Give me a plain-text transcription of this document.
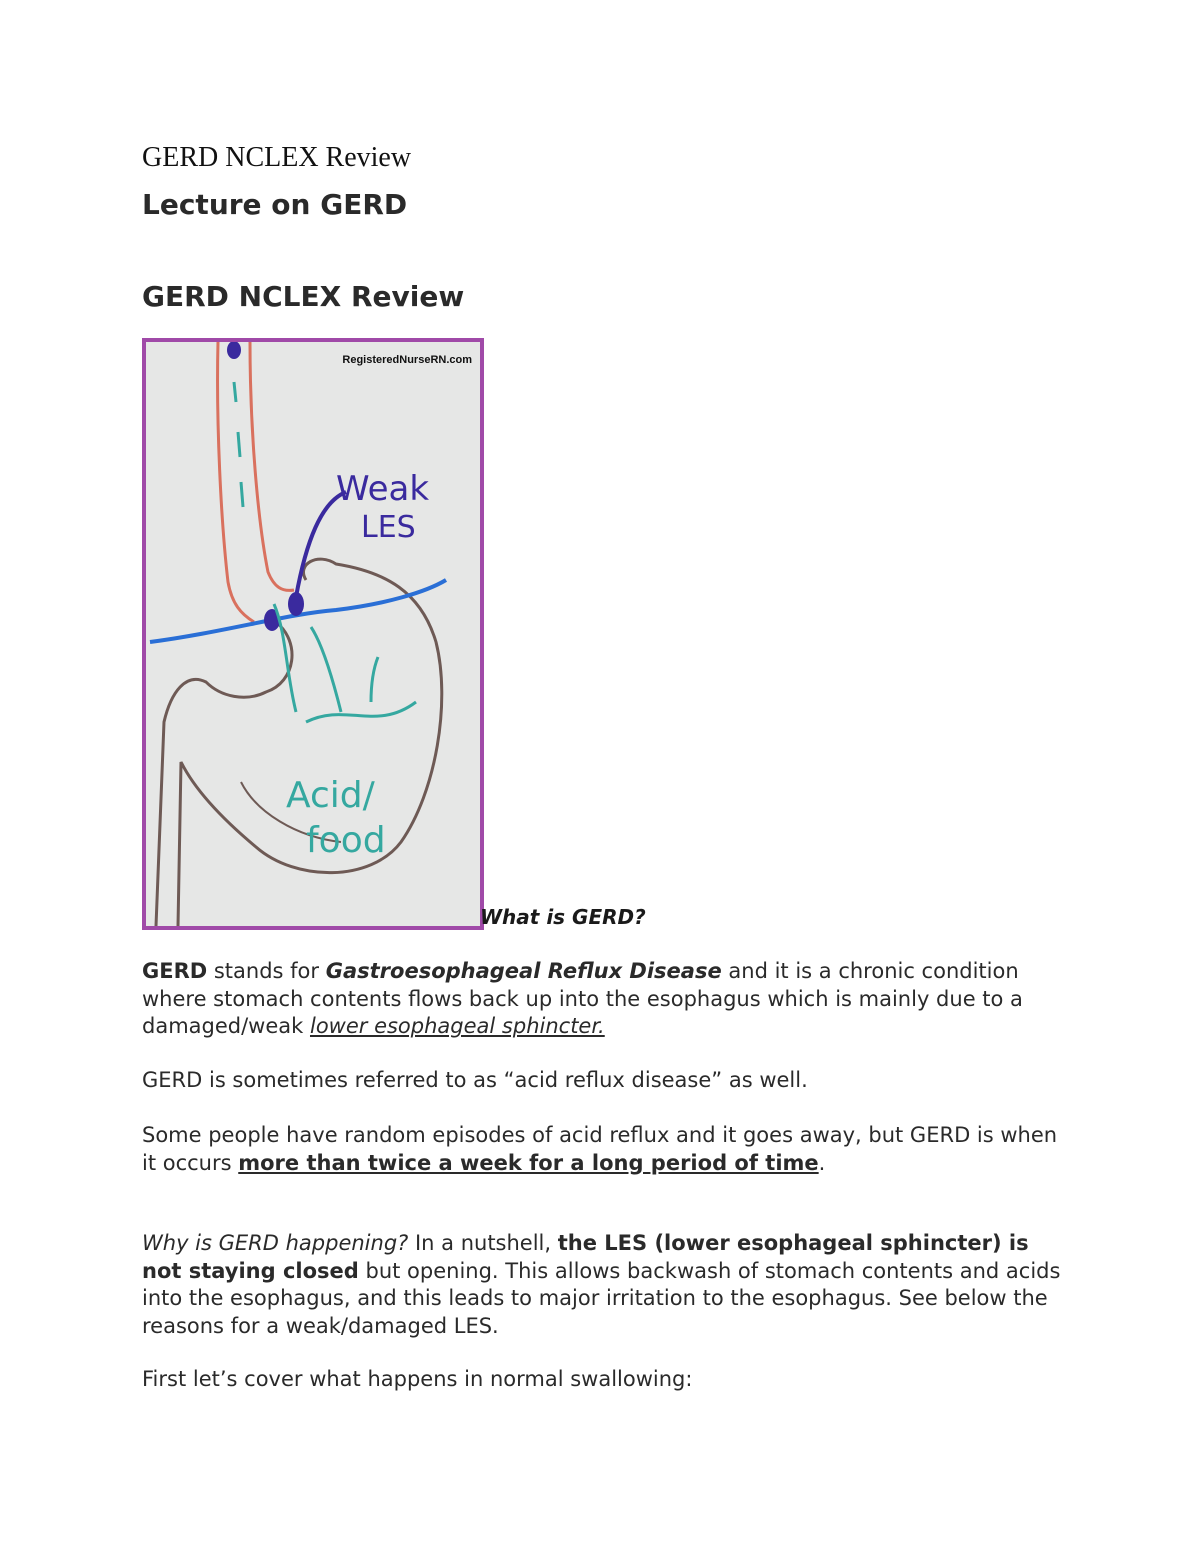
GERD NCLEX Review
Lecture on GERD
GERD NCLEX Review
Weak
LES
Acid/
food
RegisteredNurseRN.com
What is GERD?

GERD stands for Gastroesophageal Reflux Disease and it is a chronic condition where stomach contents flows back up into the esophagus which is mainly due to a damaged/weak lower esophageal sphincter.

GERD is sometimes referred to as “acid reflux disease” as well.

Some people have random episodes of acid reflux and it goes away, but GERD is when it occurs more than twice a week for a long period of time.

Why is GERD happening? In a nutshell, the LES (lower esophageal sphincter) is not staying closed but opening. This allows backwash of stomach contents and acids into the esophagus, and this leads to major irritation to the esophagus. See below the reasons for a weak/damaged LES.

First let’s cover what happens in normal swallowing:
